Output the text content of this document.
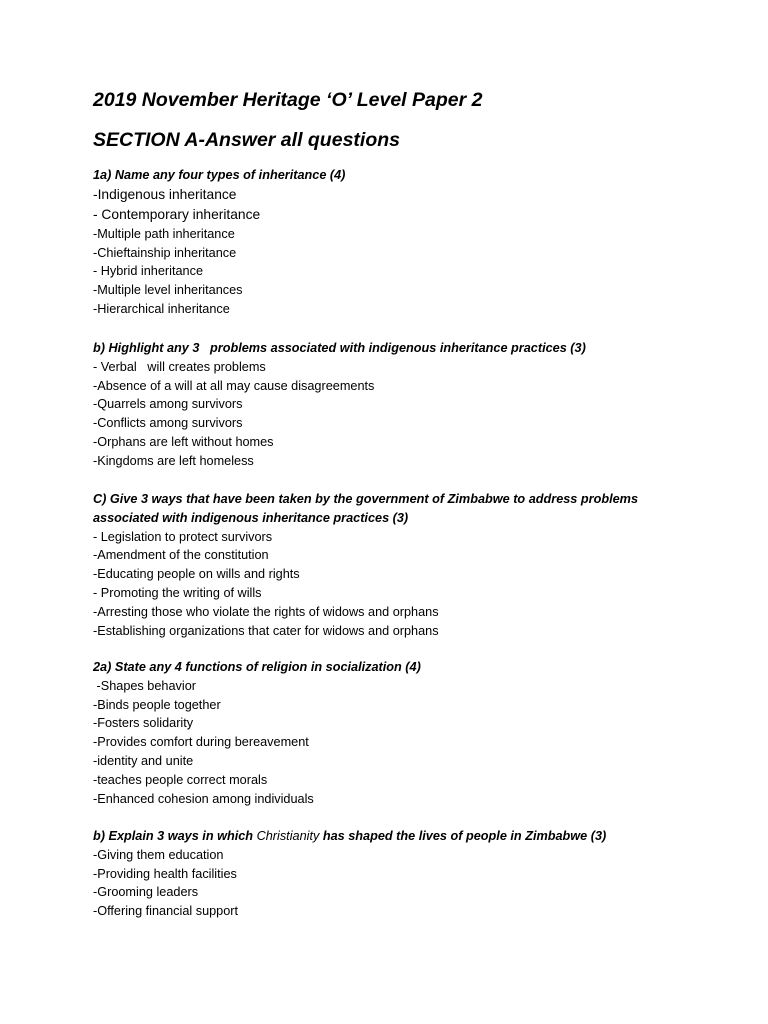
2019 November Heritage ‘O’ Level Paper 2
SECTION A-Answer all questions

1a) Name any four types of inheritance (4)

-Indigenous inheritance
- Contemporary inheritance
-Multiple path inheritance
-Chieftainship inheritance
- Hybrid inheritance
-Multiple level inheritances
-Hierarchical inheritance

b) Highlight any 3   problems associated with indigenous inheritance practices (3)

- Verbal   will creates problems
-Absence of a will at all may cause disagreements
-Quarrels among survivors
-Conflicts among survivors
-Orphans are left without homes
-Kingdoms are left homeless

C) Give 3 ways that have been taken by the government of Zimbabwe to address problems associated with indigenous inheritance practices (3)

- Legislation to protect survivors
-Amendment of the constitution
-Educating people on wills and rights
- Promoting the writing of wills
-Arresting those who violate the rights of widows and orphans
-Establishing organizations that cater for widows and orphans

2a) State any 4 functions of religion in socialization (4)

-Shapes behavior
-Binds people together
-Fosters solidarity
-Provides comfort during bereavement
-identity and unite
-teaches people correct morals
-Enhanced cohesion among individuals

b) Explain 3 ways in which Christianity has shaped the lives of people in Zimbabwe (3)

-Giving them education
-Providing health facilities
-Grooming leaders
-Offering financial support
